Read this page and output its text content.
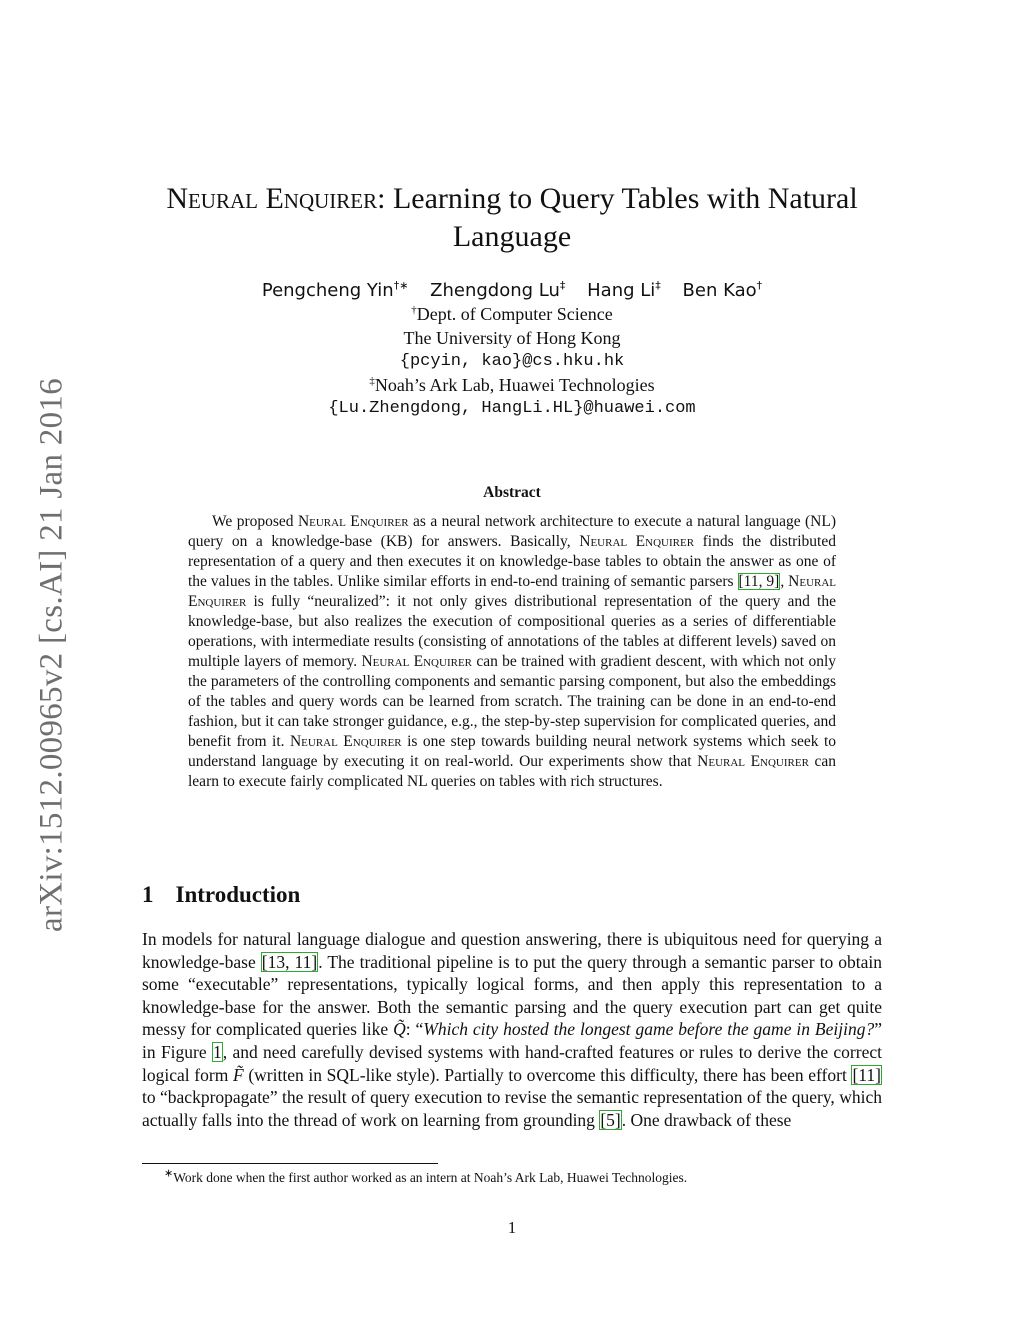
arXiv:1512.00965v2 [cs.AI] 21 Jan 2016
Neural Enquirer: Learning to Query Tables with Natural
Language
Pengcheng Yin†∗ Zhengdong Lu‡ Hang Li‡ Ben Kao†
†Dept. of Computer Science
The University of Hong Kong
{pcyin, kao}@cs.hku.hk
‡Noah’s Ark Lab, Huawei Technologies
{Lu.Zhengdong, HangLi.HL}@huawei.com
Abstract

We proposed Neural Enquirer as a neural network architecture to execute a natural language (NL) query on a knowledge-base (KB) for answers. Basically, Neural Enquirer finds the distributed representation of a query and then executes it on knowledge-base tables to obtain the answer as one of the values in the tables. Unlike similar efforts in end-to-end training of semantic parsers [11, 9], Neural Enquirer is fully “neuralized”: it not only gives distributional representation of the query and the knowledge-base, but also realizes the execution of compositional queries as a series of differentiable operations, with intermediate results (consisting of annotations of the tables at different levels) saved on multiple layers of memory. Neural Enquirer can be trained with gradient descent, with which not only the parameters of the controlling components and semantic parsing component, but also the embeddings of the tables and query words can be learned from scratch. The training can be done in an end-to-end fashion, but it can take stronger guidance, e.g., the step-by-step supervision for complicated queries, and benefit from it. Neural Enquirer is one step towards building neural network systems which seek to understand language by executing it on real-world. Our experiments show that Neural Enquirer can learn to execute fairly complicated NL queries on tables with rich structures.

1 Introduction

In models for natural language dialogue and question answering, there is ubiquitous need for querying a knowledge-base [13, 11]. The traditional pipeline is to put the query through a semantic parser to obtain some “executable” representations, typically logical forms, and then apply this representation to a knowledge-base for the answer. Both the semantic parsing and the query execution part can get quite messy for complicated queries like Q̃: “Which city hosted the longest game before the game in Beijing?” in Figure 1, and need carefully devised systems with hand-crafted features or rules to derive the correct logical form F̃ (written in SQL-like style). Partially to overcome this difficulty, there has been effort [11] to “backpropagate” the result of query execution to revise the semantic representation of the query, which actually falls into the thread of work on learning from grounding [5]. One drawback of these

∗Work done when the first author worked as an intern at Noah’s Ark Lab, Huawei Technologies.
1
